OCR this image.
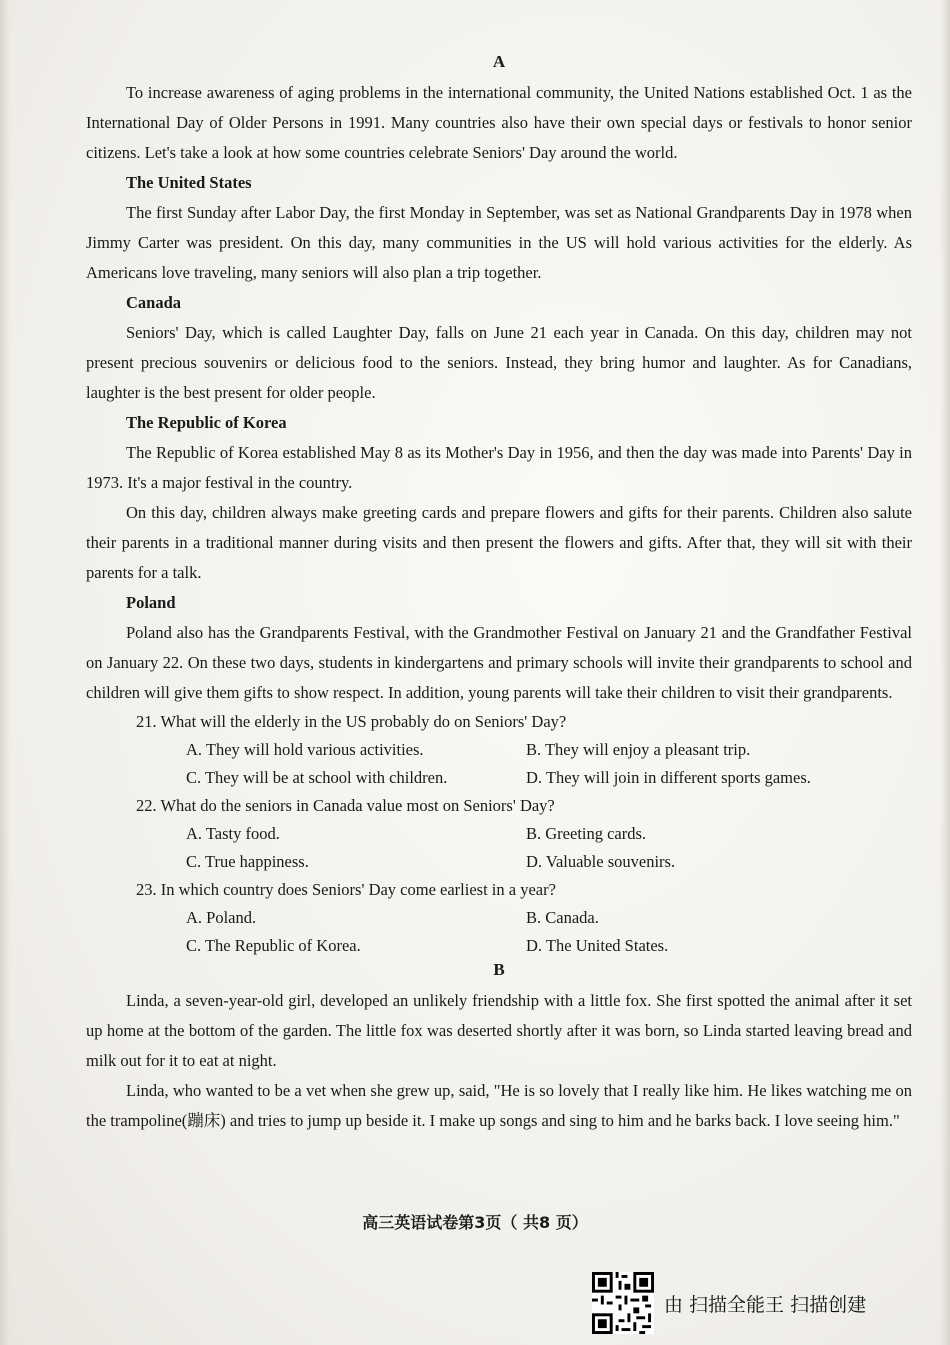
A

To increase awareness of aging problems in the international community, the United Nations established Oct. 1 as the International Day of Older Persons in 1991. Many countries also have their own special days or festivals to honor senior citizens. Let's take a look at how some countries celebrate Seniors' Day around the world.

The United States

The first Sunday after Labor Day, the first Monday in September, was set as National Grandparents Day in 1978 when Jimmy Carter was president. On this day, many communities in the US will hold various activities for the elderly. As Americans love traveling, many seniors will also plan a trip together.

Canada

Seniors' Day, which is called Laughter Day, falls on June 21 each year in Canada. On this day, children may not present precious souvenirs or delicious food to the seniors. Instead, they bring humor and laughter. As for Canadians, laughter is the best present for older people.

The Republic of Korea

The Republic of Korea established May 8 as its Mother's Day in 1956, and then the day was made into Parents' Day in 1973. It's a major festival in the country.

On this day, children always make greeting cards and prepare flowers and gifts for their parents. Children also salute their parents in a traditional manner during visits and then present the flowers and gifts. After that, they will sit with their parents for a talk.

Poland

Poland also has the Grandparents Festival, with the Grandmother Festival on January 21 and the Grandfather Festival on January 22. On these two days, students in kindergartens and primary schools will invite their grandparents to school and children will give them gifts to show respect. In addition, young parents will take their children to visit their grandparents.

21. What will the elderly in the US probably do on Seniors' Day?
A. They will hold various activities.	B. They will enjoy a pleasant trip.
C. They will be at school with children.	D. They will join in different sports games.
22. What do the seniors in Canada value most on Seniors' Day?
A. Tasty food.	B. Greeting cards.
C. True happiness.	D. Valuable souvenirs.
23. In which country does Seniors' Day come earliest in a year?
A. Poland.	B. Canada.
C. The Republic of Korea.	D. The United States.
B

Linda, a seven-year-old girl, developed an unlikely friendship with a little fox. She first spotted the animal after it set up home at the bottom of the garden. The little fox was deserted shortly after it was born, so Linda started leaving bread and milk out for it to eat at night.

Linda, who wanted to be a vet when she grew up, said, "He is so lovely that I really like him. He likes watching me on the trampoline(蹦床) and tries to jump up beside it. I make up songs and sing to him and he barks back. I love seeing him."

高三英语试卷第3页（ 共8 页）
由 扫描全能王 扫描创建
